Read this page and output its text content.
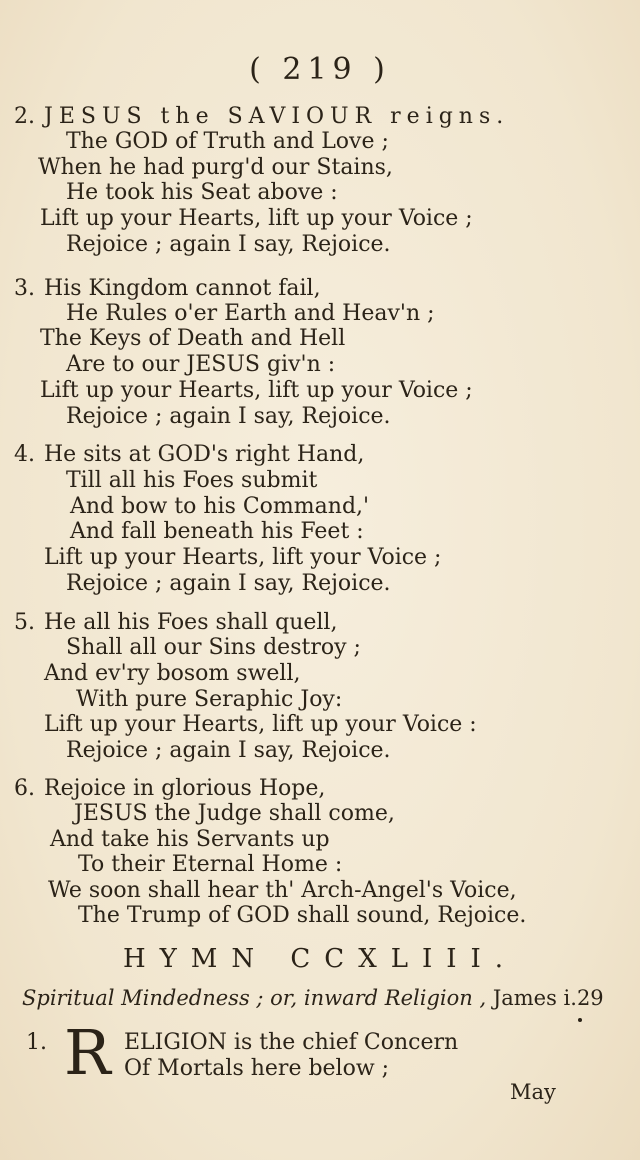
( 219 )
2. JESUS the SAVIOUR reigns.
The GOD of Truth and Love ;
When he had purg'd our Stains,
He took his Seat above :
Lift up your Hearts, lift up your Voice ;
Rejoice ; again I say, Rejoice.
3. His Kingdom cannot fail,
He Rules o'er Earth and Heav'n ;
The Keys of Death and Hell
Are to our JESUS giv'n :
Lift up your Hearts, lift up your Voice ;
Rejoice ; again I say, Rejoice.
4. He sits at GOD's right Hand,
Till all his Foes submit
And bow to his Command,'
And fall beneath his Feet :
Lift up your Hearts, lift your Voice ;
Rejoice ; again I say, Rejoice.
5. He all his Foes shall quell,
Shall all our Sins destroy ;
And ev'ry bosom swell,
With pure Seraphic Joy:
Lift up your Hearts, lift up your Voice :
Rejoice ; again I say, Rejoice.
6. Rejoice in glorious Hope,
JESUS the Judge shall come,
And take his Servants up
To their Eternal Home :
We soon shall hear th' Arch-Angel's Voice,
The Trump of GOD shall sound, Rejoice.
HYMN CCXLIII.
Spiritual Mindedness ; or, inward Religion , James i.29
1. R ELIGION is the chief Concern
Of Mortals here below ;
May
